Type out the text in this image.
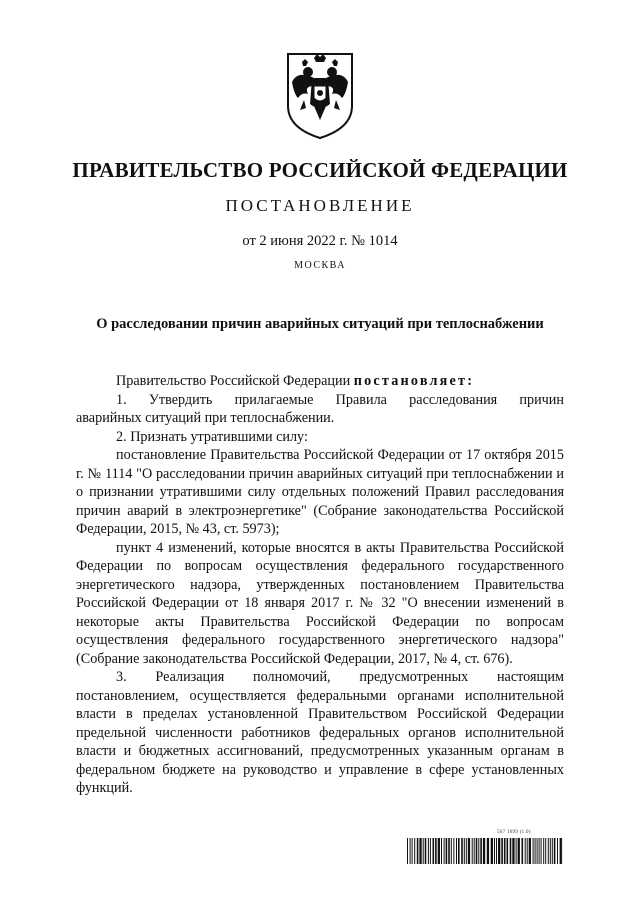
ПРАВИТЕЛЬСТВО РОССИЙСКОЙ ФЕДЕРАЦИИ
ПОСТАНОВЛЕНИЕ
от 2 июня 2022 г. № 1014
МОСКВА
О расследовании причин аварийных ситуаций при теплоснабжении

Правительство Российской Федерации постановляет:

1. Утвердить прилагаемые Правила расследования причин

аварийных ситуаций при теплоснабжении.

2. Признать утратившими силу:

постановление Правительства Российской Федерации от 17 октября 2015 г. № 1114 "О расследовании причин аварийных ситуаций при теплоснабжении и о признании утратившими силу отдельных положений Правил расследования причин аварий в электроэнергетике" (Собрание законодательства Российской Федерации, 2015, № 43, ст. 5973);

пункт 4 изменений, которые вносятся в акты Правительства Российской Федерации по вопросам осуществления федерального государственного энергетического надзора, утвержденных постановлением Правительства Российской Федерации от 18 января 2017 г. № 32 "О внесении изменений в некоторые акты Правительства Российской Федерации по вопросам осуществления федерального государственного энергетического надзора" (Собрание законодательства Российской Федерации, 2017, № 4, ст. 676).

3. Реализация полномочий, предусмотренных настоящим постановлением, осуществляется федеральными органами исполнительной власти в пределах установленной Правительством Российской Федерации предельной численности работников федеральных органов исполнительной власти и бюджетных ассигнований, предусмотренных указанным органам в федеральном бюджете на руководство и управление в сфере установленных функций.

567 1699 (1.0)
